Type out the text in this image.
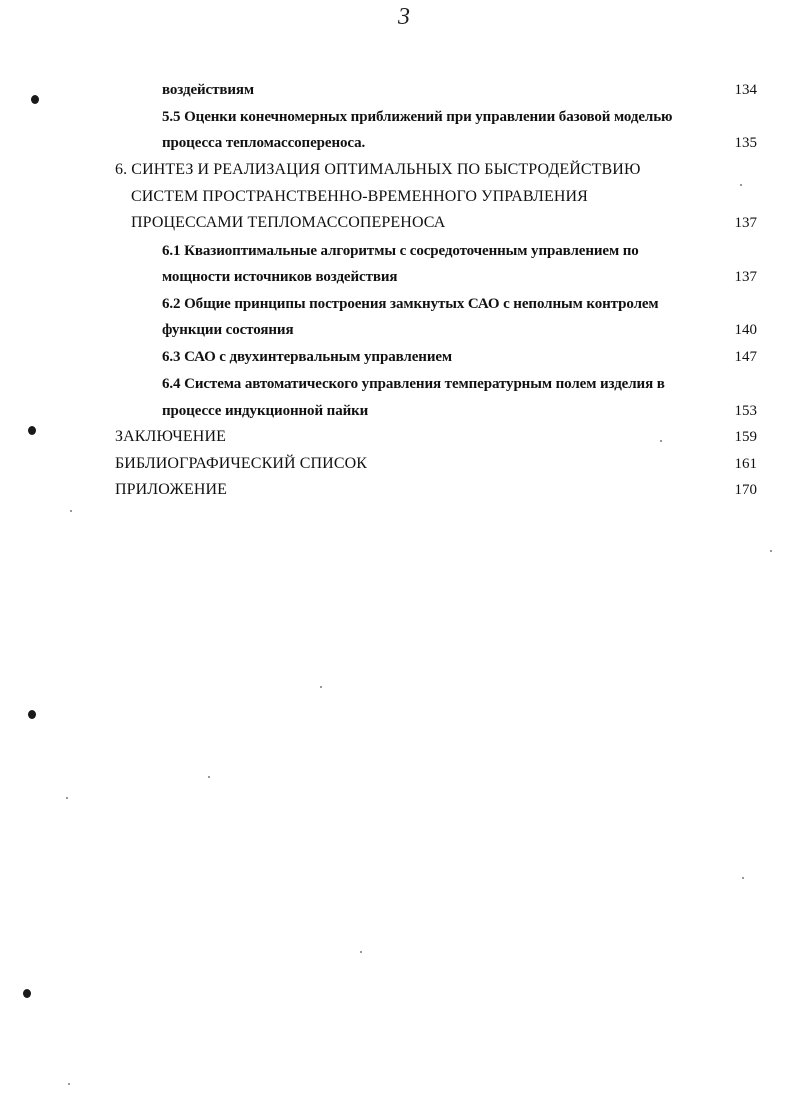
3
воздействиям	134
5.5 Оценки конечномерных приближений при управлении базовой моделью
процесса тепломассопереноса.	135
6. СИНТЕЗ И РЕАЛИЗАЦИЯ ОПТИМАЛЬНЫХ ПО БЫСТРОДЕЙСТВИЮ
СИСТЕМ ПРОСТРАНСТВЕННО-ВРЕМЕННОГО УПРАВЛЕНИЯ
ПРОЦЕССАМИ ТЕПЛОМАССОПЕРЕНОСА	137
6.1 Квазиоптимальные алгоритмы с сосредоточенным управлением по
мощности источников воздействия	137
6.2 Общие принципы построения замкнутых САО с неполным контролем
функции состояния	140
6.3 САО с двухинтервальным управлением	147
6.4 Система автоматического управления температурным полем изделия в
процессе индукционной пайки	153
ЗАКЛЮЧЕНИЕ	159
БИБЛИОГРАФИЧЕСКИЙ СПИСОК	161
ПРИЛОЖЕНИЕ	170
